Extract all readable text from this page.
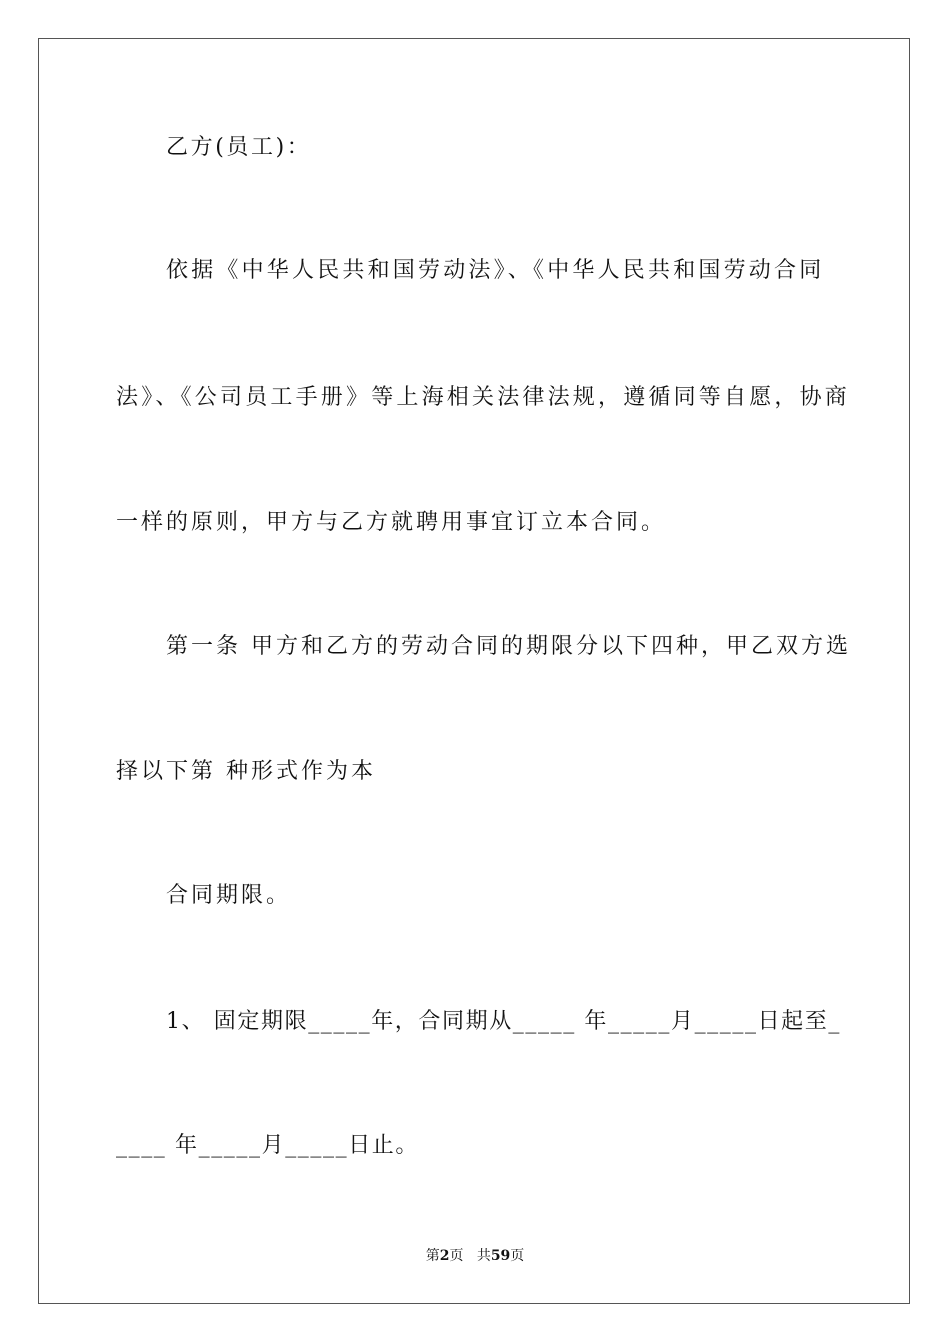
乙方(员工)：
依据《中华人民共和国劳动法》、《中华人民共和国劳动合同
法》、《公司员工手册》等上海相关法律法规，遵循同等自愿，协商
一样的原则，甲方与乙方就聘用事宜订立本合同。
第一条 甲方和乙方的劳动合同的期限分以下四种，甲乙双方选
择以下第 种形式作为本
合同期限。
1、 固定期限_____年，合同期从_____ 年_____月_____日起至_
____ 年_____月_____日止。
第2页 共59页
